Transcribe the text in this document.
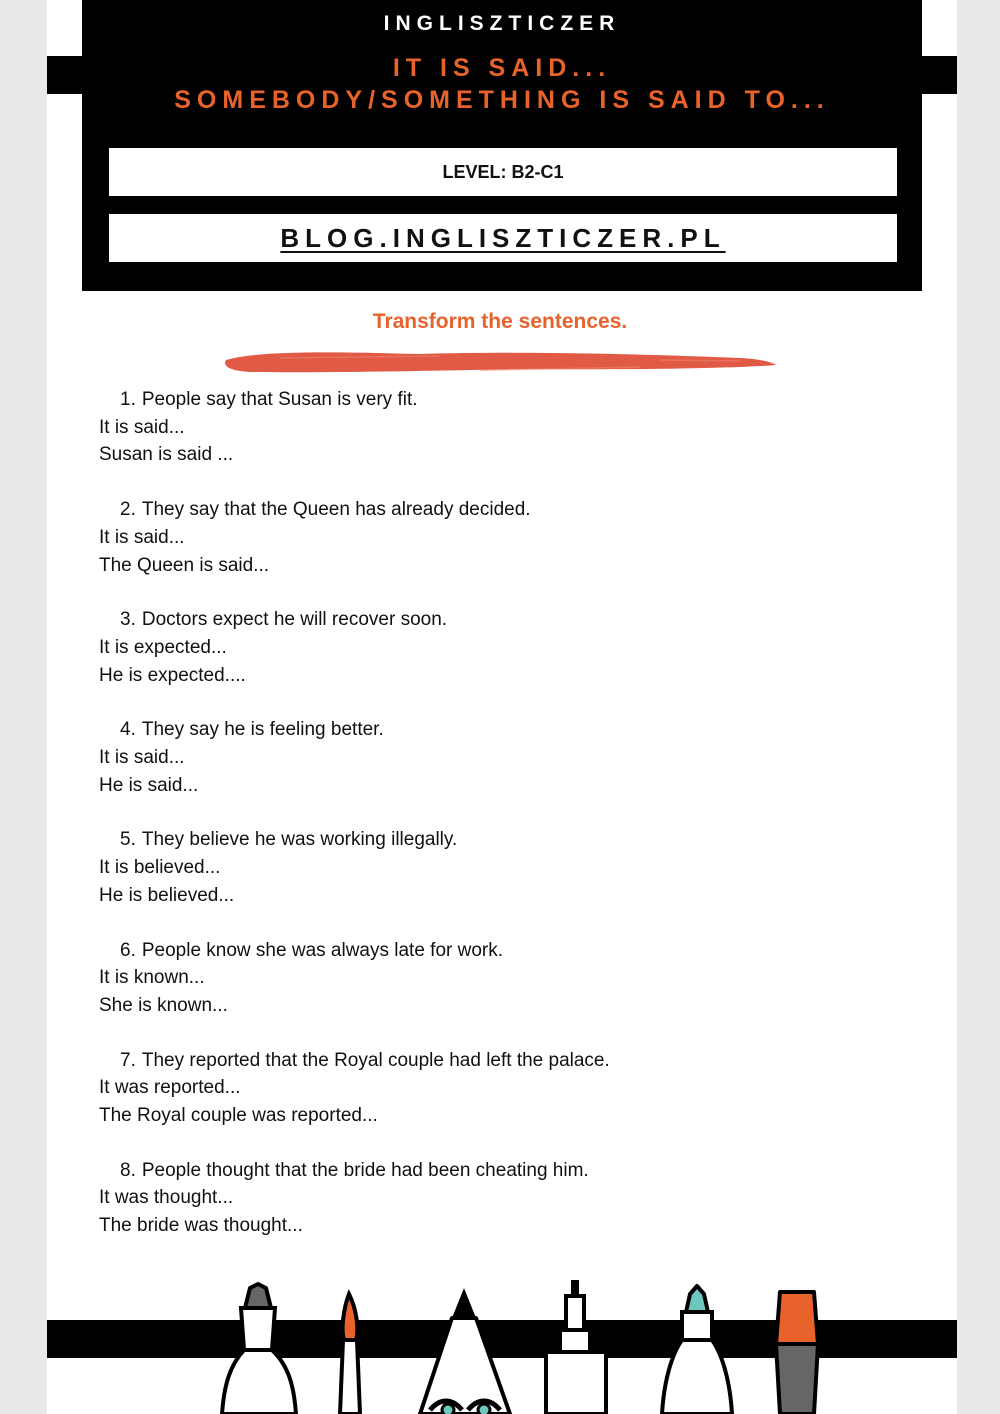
INGLISZTICZER
IT IS SAID...
SOMEBODY/SOMETHING IS SAID TO...
LEVEL: B2-C1
BLOG.INGLISZTICZER.PL
Transform the sentences.
1. People say that Susan is very fit.
It is said...
Susan is said ...
2. They say that the Queen has already decided.
It is said...
The Queen is said...
3. Doctors expect he will recover soon.
It is expected...
He is expected....
4. They say he is feeling better.
It is said...
He is said...
5. They believe he was working illegally.
It is believed...
He is believed...
6. People know she was always late for work.
It is known...
She is known...
7. They reported that the Royal couple had left the palace.
It was reported...
The Royal couple was reported...
8. People thought that the bride had been cheating him.
It was thought...
The bride was thought...
